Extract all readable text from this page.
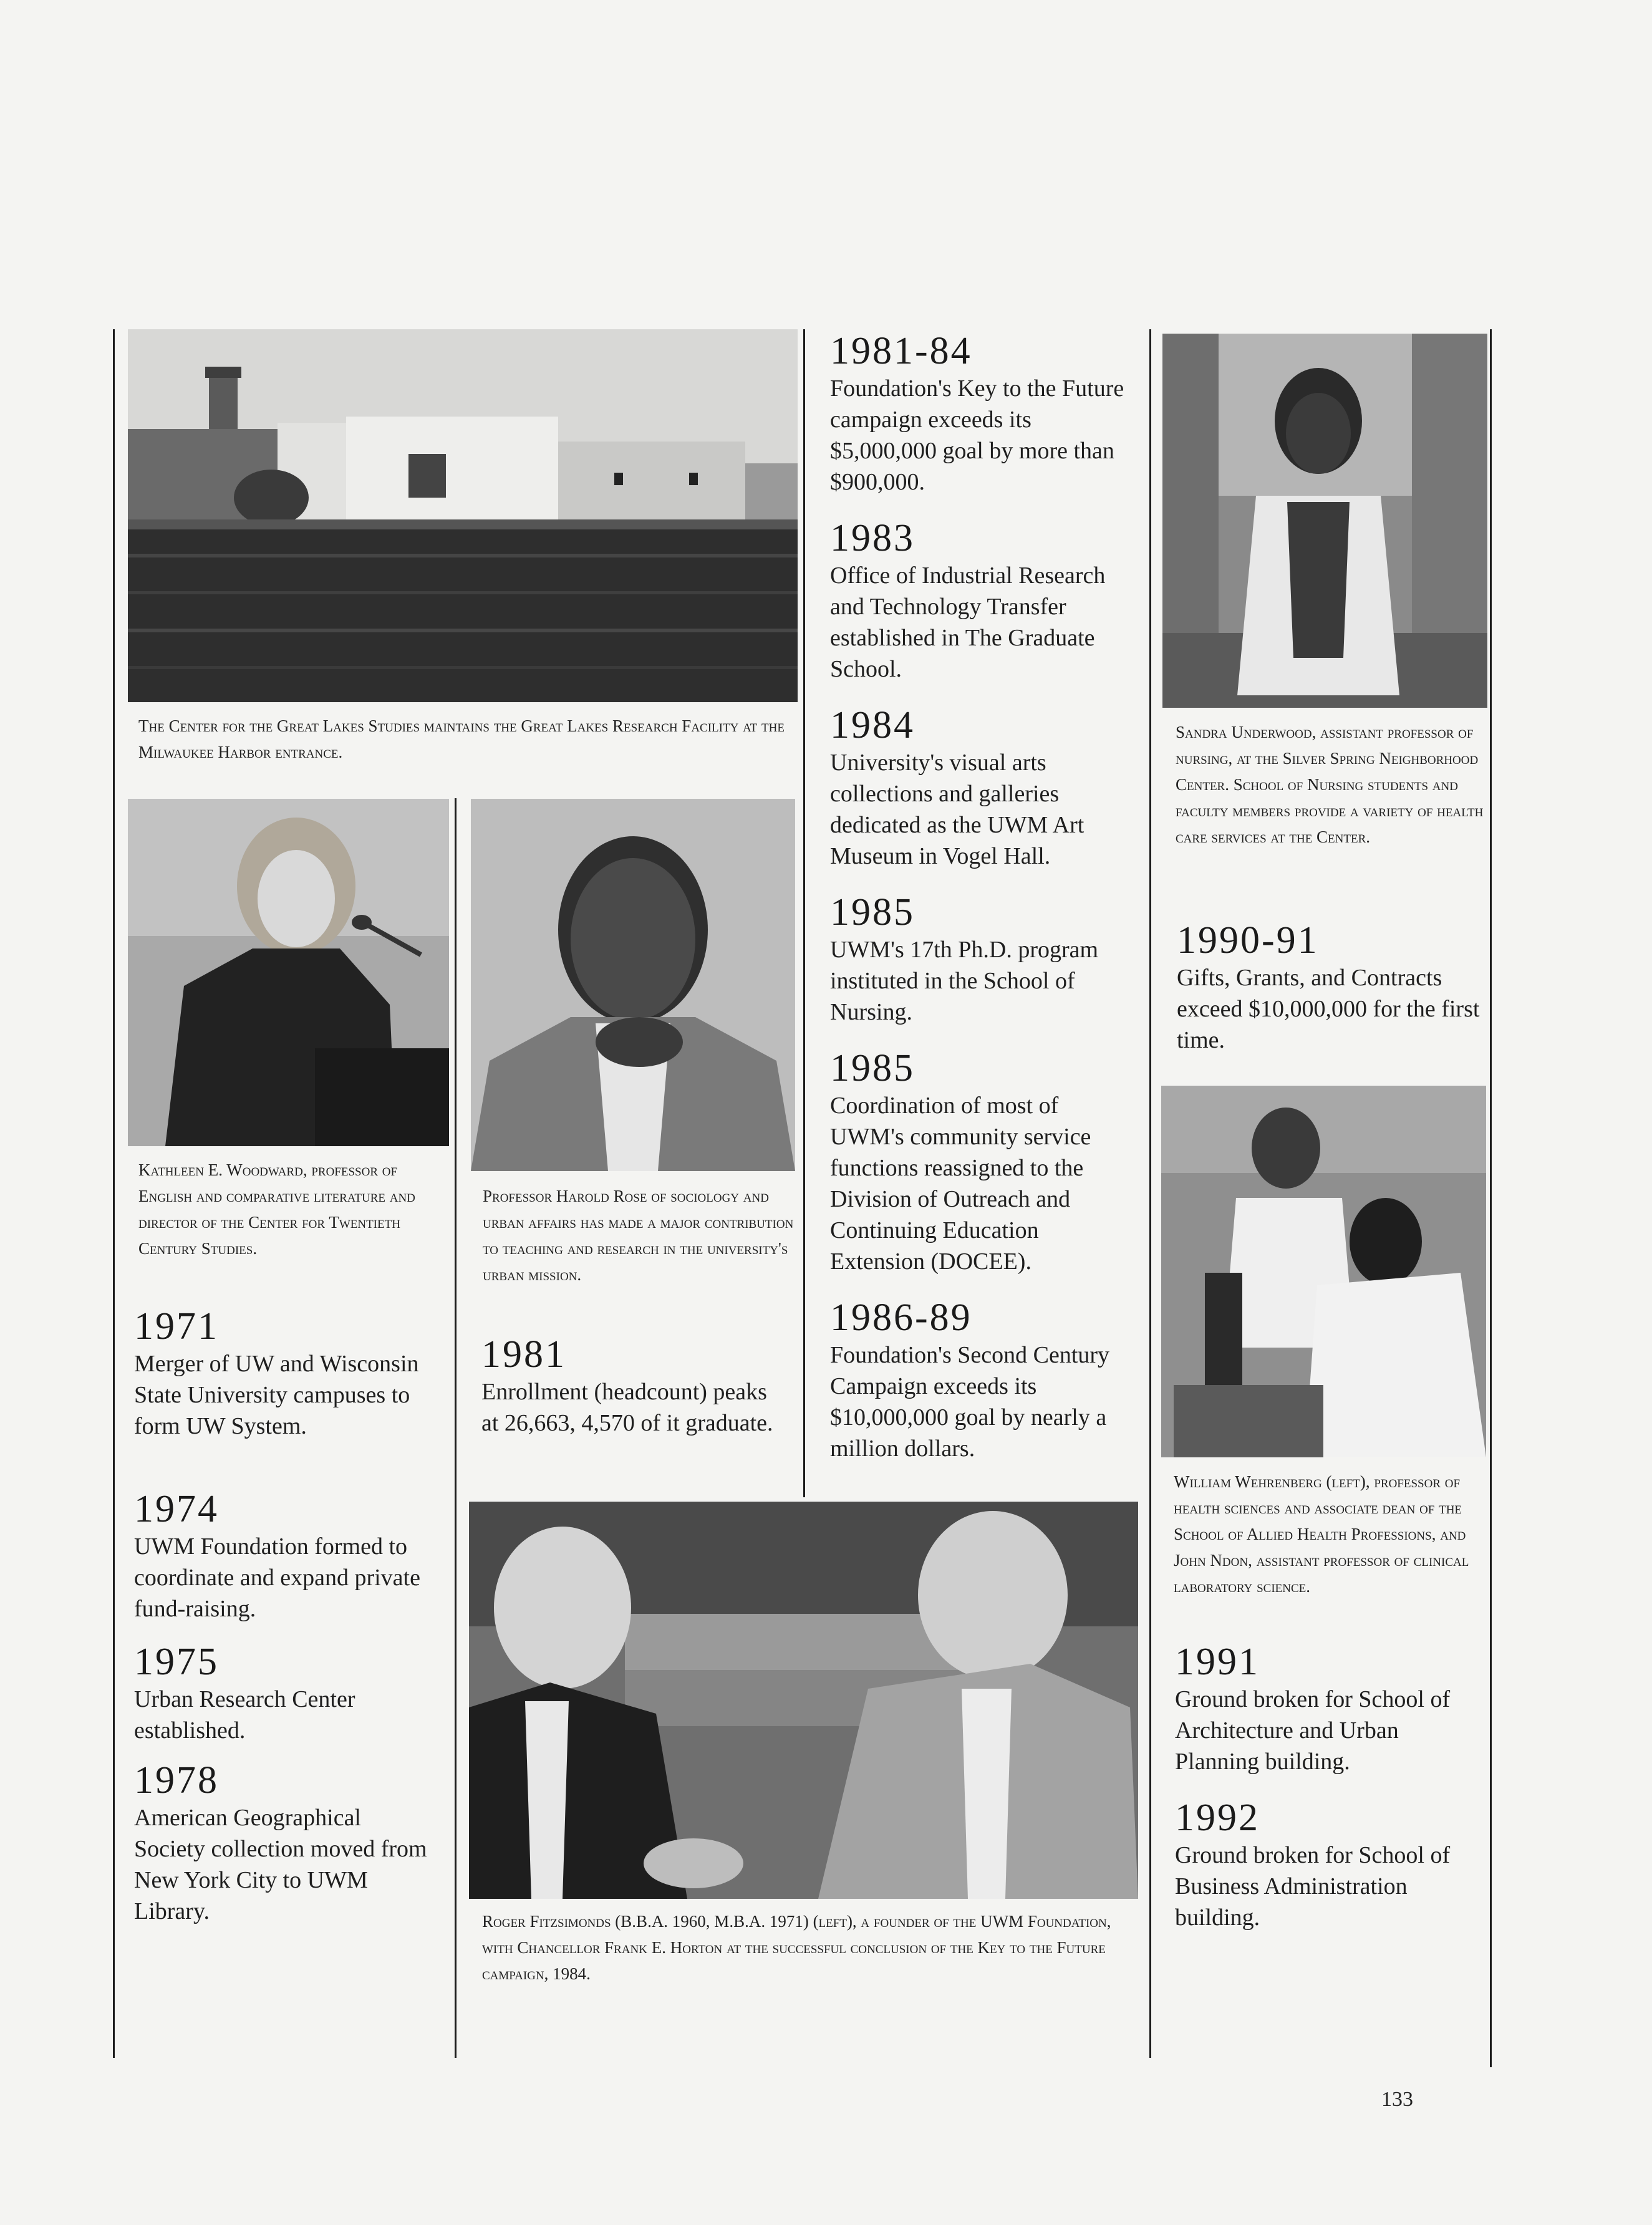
The Center for the Great Lakes Studies maintains the Great Lakes Research Facility at the Milwaukee Harbor entrance.

Sandra Underwood, assistant professor of nursing, at the Silver Spring Neighborhood Center. School of Nursing students and faculty members provide a variety of health care services at the Center.

Kathleen E. Woodward, professor of English and comparative literature and director of the Center for Twentieth Century Studies.

Professor Harold Rose of sociology and urban affairs has made a major contribution to teaching and research in the university's urban mission.

William Wehrenberg (left), professor of health sciences and associate dean of the School of Allied Health Professions, and John Ndon, assistant professor of clinical laboratory science.

Roger Fitzsimonds (B.B.A. 1960, M.B.A. 1971) (left), a founder of the UWM Foundation, with Chancellor Frank E. Horton at the successful conclusion of the Key to the Future campaign, 1984.

1971
Merger of UW and Wisconsin State University campuses to form UW System.
1974
UWM Foundation formed to coordinate and expand private fund-raising.
1975
Urban Research Center established.
1978
American Geographical Society collection moved from New York City to UWM Library.
1981
Enrollment (headcount) peaks at 26,663, 4,570 of it graduate.
1981-84
Foundation's Key to the Future campaign exceeds its $5,000,000 goal by more than $900,000.
1983
Office of Industrial Research and Technology Transfer established in The Graduate School.
1984
University's visual arts collections and galleries dedicated as the UWM Art Museum in Vogel Hall.
1985
UWM's 17th Ph.D. program instituted in the School of Nursing.
1985
Coordination of most of UWM's community service functions reassigned to the Division of Outreach and Continuing Education Extension (DOCEE).
1986-89
Foundation's Second Century Campaign exceeds its $10,000,000 goal by nearly a million dollars.
1990-91
Gifts, Grants, and Contracts exceed $10,000,000 for the first time.
1991
Ground broken for School of Architecture and Urban Planning building.
1992
Ground broken for School of Business Administration building.
133
